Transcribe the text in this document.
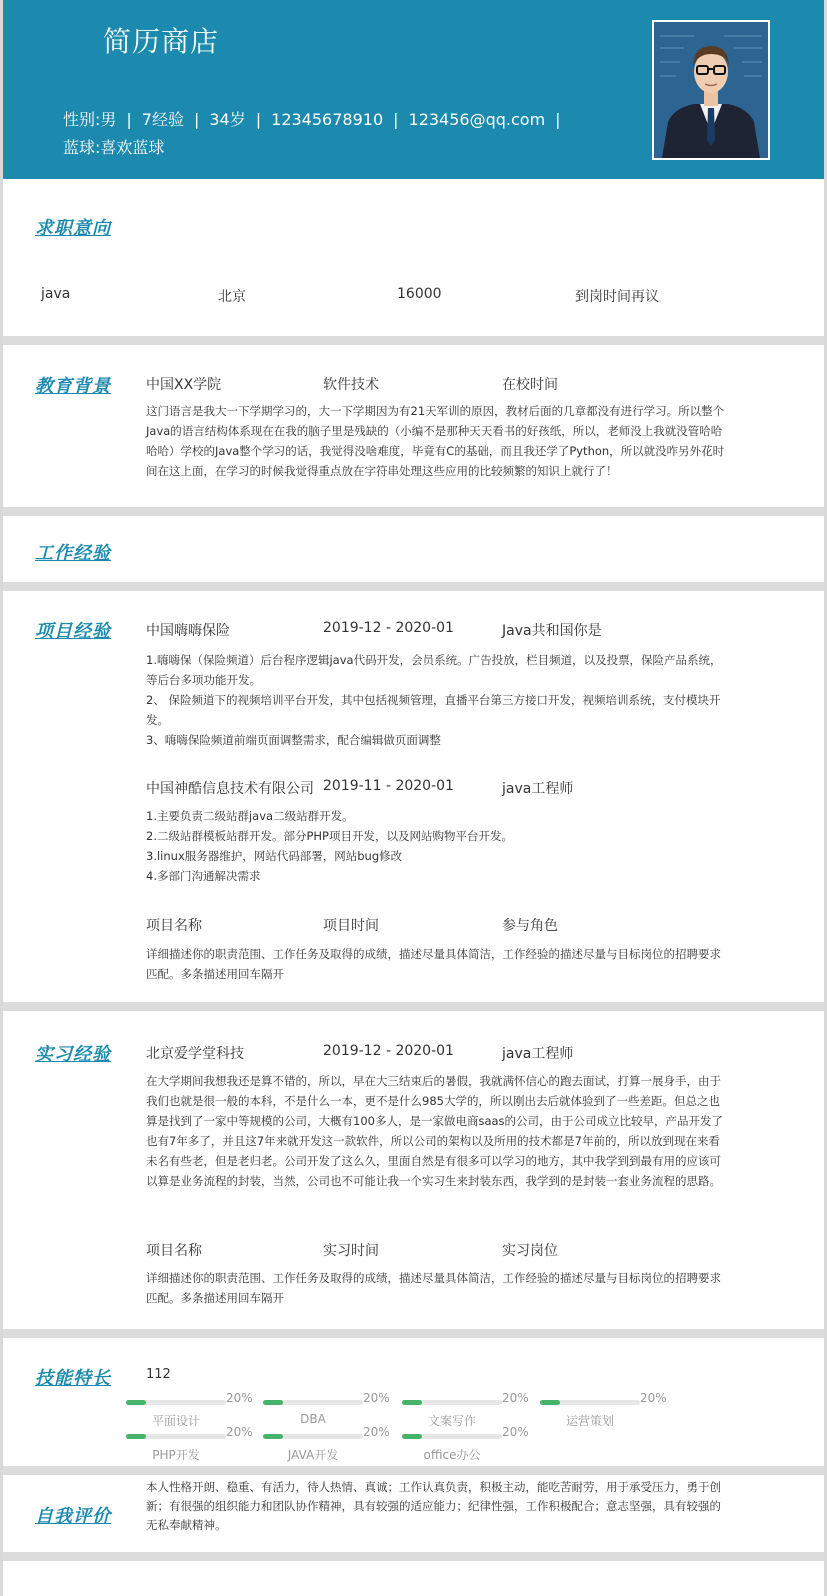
简历商店
性别:男 | 7经验 | 34岁 | 12345678910 | 123456@qq.com |
蓝球:喜欢蓝球
求职意向
java	北京	16000	到岗时间再议
教育背景	中国XX学院	软件技术	在校时间
这门语言是我大一下学期学习的，大一下学期因为有21天军训的原因，教材后面的几章都没有进行学习。所以整个Java的语言结构体系现在在我的脑子里是残缺的（小编不是那种天天看书的好孩纸，所以，老师没上我就没管哈哈哈哈）学校的Java整个学习的话，我觉得没啥难度，毕竟有C的基础，而且我还学了Python，所以就没咋另外花时间在这上面，在学习的时候我觉得重点放在字符串处理这些应用的比较频繁的知识上就行了！
工作经验
项目经验	中国嗨嗨保险	2019-12 - 2020-01	Java共和国你是
1.嗨嗨保（保险频道）后台程序逻辑java代码开发，会员系统。广告投放，栏目频道，以及投票，保险产品系统，等后台多项功能开发。
2、 保险频道下的视频培训平台开发，其中包括视频管理，直播平台第三方接口开发，视频培训系统，支付模块开发。
3、嗨嗨保险频道前端页面调整需求，配合编辑做页面调整
中国神酷信息技术有限公司 2019-11 - 2020-01	java工程师
1.主要负责二级站群java二级站群开发。
2.二级站群模板站群开发。部分PHP项目开发，以及网站购物平台开发。
3.linux服务器维护，网站代码部署，网站bug修改
4.多部门沟通解决需求
项目名称	项目时间	参与角色
详细描述你的职责范围、工作任务及取得的成绩，描述尽量具体简洁，工作经验的描述尽量与目标岗位的招聘要求匹配。多条描述用回车隔开
实习经验	北京爱学堂科技	2019-12 - 2020-01	java工程师
在大学期间我想我还是算不错的，所以，早在大三结束后的暑假，我就满怀信心的跑去面试，打算一展身手，由于我们也就是很一般的本科，不是什么一本，更不是什么985大学的，所以刚出去后就体验到了一些差距。但总之也算是找到了一家中等规模的公司，大概有100多人，是一家做电商saas的公司，由于公司成立比较早，产品开发了也有7年多了，并且这7年来就开发这一款软件，所以公司的架构以及所用的技术都是7年前的，所以放到现在来看未名有些老，但是老归老。公司开发了这么久，里面自然是有很多可以学习的地方，其中我学到到最有用的应该可以算是业务流程的封装，当然，公司也不可能让我一个实习生来封装东西，我学到的是封装一套业务流程的思路。
项目名称	实习时间	实习岗位
详细描述你的职责范围、工作任务及取得的成绩，描述尽量具体简洁，工作经验的描述尽量与目标岗位的招聘要求匹配。多条描述用回车隔开
技能特长	112
20%
平面设计
20%
DBA
20%
文案写作
20%
运营策划
20%
PHP开发
20%
JAVA开发
20%
office办公
自我评价
本人性格开朗、稳重、有活力，待人热情、真诚；工作认真负责，积极主动，能吃苦耐劳，用于承受压力，勇于创新；有很强的组织能力和团队协作精神，具有较强的适应能力；纪律性强，工作积极配合；意志坚强，具有较强的无私奉献精神。
